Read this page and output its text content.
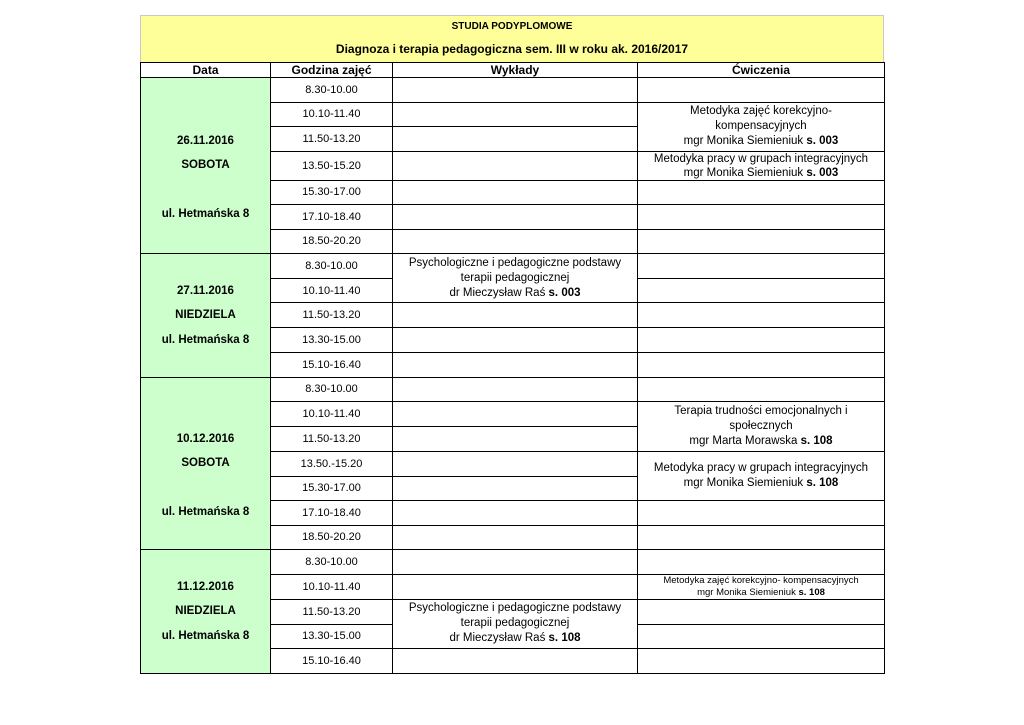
STUDIA PODYPLOMOWE
Diagnoza i terapia pedagogiczna sem. III w roku ak. 2016/2017
Data	Godzina zajęć	Wykłady	Ćwiczenia

26.11.2016
SOBOTA

ul. Hetmańska 8	8.30-10.00		
	10.10-11.40		Metodyka zajęć korekcyjno-
kompensacyjnych
mgr Monika Siemieniuk s. 003

	11.50-13.20		
	13.50-15.20		Metodyka pracy w grupach integracyjnych
mgr Monika Siemieniuk s. 003

	15.30-17.00		
	17.10-18.40		
	18.50-20.20		

27.11.2016
NIEDZIELA
ul. Hetmańska 8	8.30-10.00	Psychologiczne i pedagogiczne podstawy
terapii pedagogicznej
dr Mieczysław Raś s. 003	

	10.10-11.40		
	11.50-13.20		
	13.30-15.00		
	15.10-16.40		

10.12.2016
SOBOTA

ul. Hetmańska 8	8.30-10.00		
	10.10-11.40		Terapia trudności emocjonalnych i
społecznych
mgr Marta Morawska s. 108

	11.50-13.20		
	13.50.-15.20		Metodyka pracy w grupach integracyjnych
mgr Monika Siemieniuk s. 108

	15.30-17.00		
	17.10-18.40		
	18.50-20.20		

11.12.2016
NIEDZIELA
ul. Hetmańska 8	8.30-10.00		
	10.10-11.40		Metodyka zajęć korekcyjno- kompensacyjnych
mgr Monika Siemieniuk s. 108

	11.50-13.20	Psychologiczne i pedagogiczne podstawy
terapii pedagogicznej
dr Mieczysław Raś s. 108	

	13.30-15.00		
	15.10-16.40		
